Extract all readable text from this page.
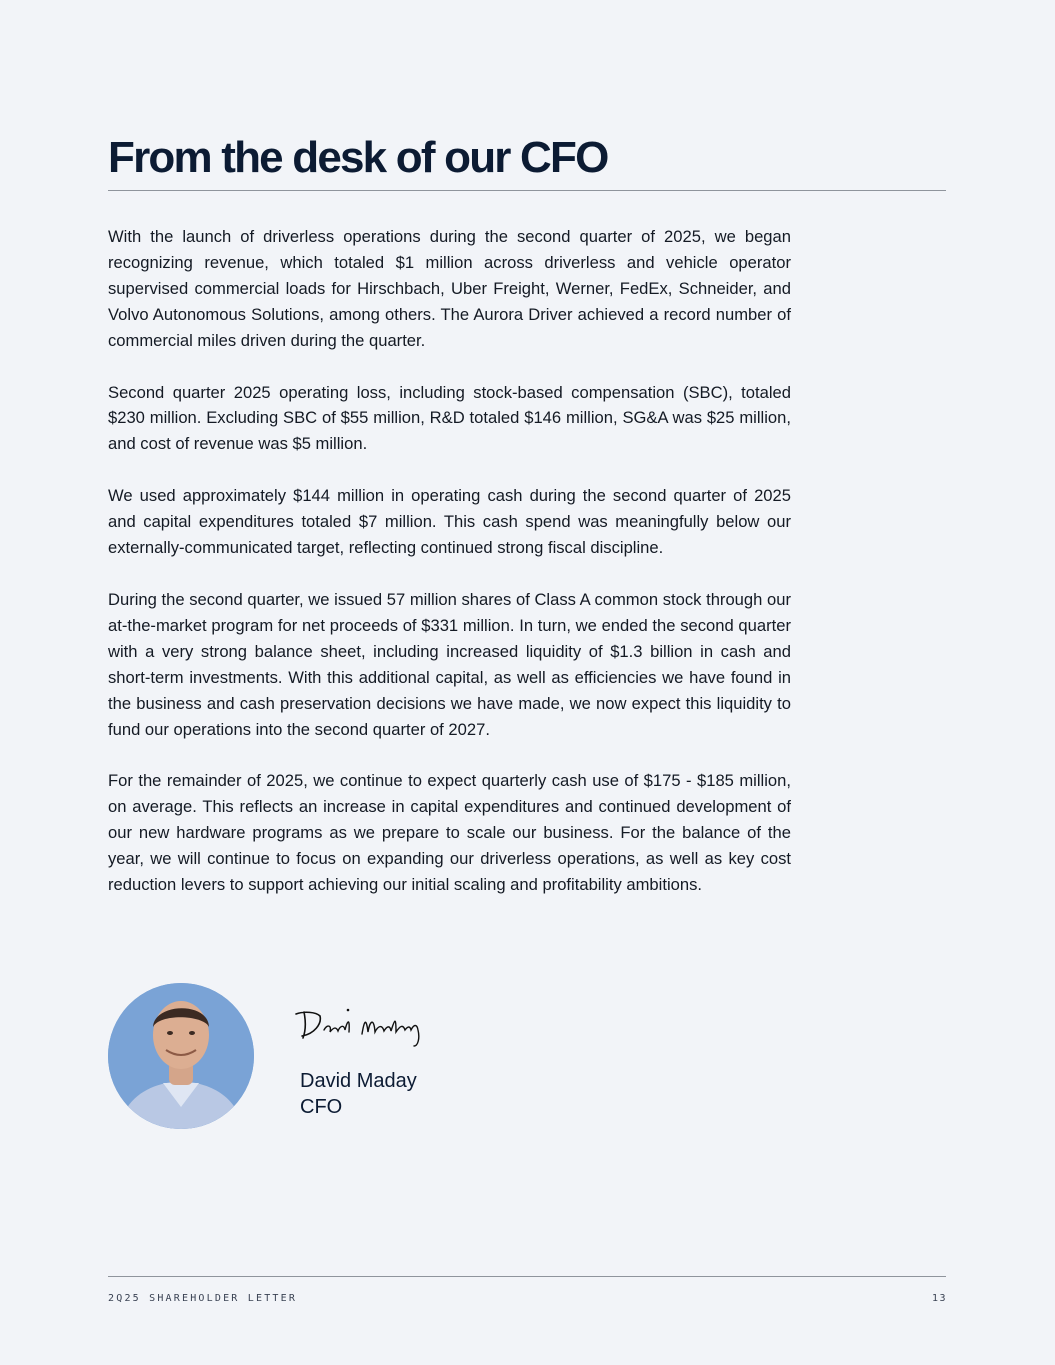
From the desk of our CFO

With the launch of driverless operations during the second quarter of 2025, we began recognizing revenue, which totaled $1 million across driverless and vehicle operator supervised commercial loads for Hirschbach, Uber Freight, Werner, FedEx, Schneider, and Volvo Autonomous Solutions, among others. The Aurora Driver achieved a record number of commercial miles driven during the quarter.

Second quarter 2025 operating loss, including stock-based compensation (SBC), totaled $230 million. Excluding SBC of $55 million, R&D totaled $146 million, SG&A was $25 million, and cost of revenue was $5 million.

We used approximately $144 million in operating cash during the second quarter of 2025 and capital expenditures totaled $7 million. This cash spend was meaningfully below our externally-communicated target, reflecting continued strong fiscal discipline.

During the second quarter, we issued 57 million shares of Class A common stock through our at-the-market program for net proceeds of $331 million. In turn, we ended the second quarter with a very strong balance sheet, including increased liquidity of $1.3 billion in cash and short-term investments. With this additional capital, as well as efficiencies we have found in the business and cash preservation decisions we have made, we now expect this liquidity to fund our operations into the second quarter of 2027.

For the remainder of 2025, we continue to expect quarterly cash use of $175 - $185 million, on average. This reflects an increase in capital expenditures and continued development of our new hardware programs as we prepare to scale our business. For the balance of the year, we will continue to focus on expanding our driverless operations, as well as key cost reduction levers to support achieving our initial scaling and profitability ambitions.

David Maday
CFO
2Q25 SHAREHOLDER LETTER	13
